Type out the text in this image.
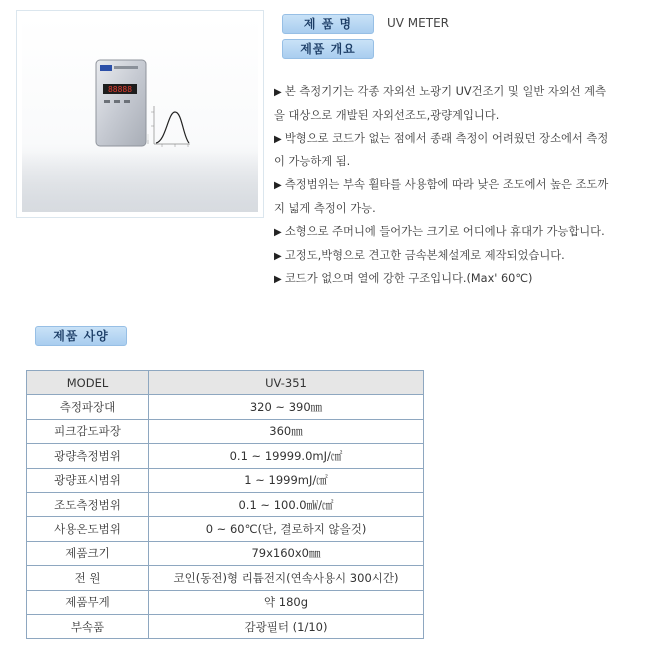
88888
제 품 명	UV METER
제품 개요
▶ 본 측정기기는 각종 자외선 노광기 UV건조기 및 일반 자외선 계측을 대상으로 개발된 자외선조도,광량계입니다.
▶ 박형으로 코드가 없는 점에서 종래 측정이 어려웠던 장소에서 측정이 가능하게 됨.
▶ 측정범위는 부속 휠타를 사용함에 따라 낮은 조도에서 높은 조도까지 넓게 측정이 가능.
▶ 소형으로 주머니에 들어가는 크기로 어디에나 휴대가 가능합니다.
▶ 고정도,박형으로 견고한 금속본체설계로 제작되었습니다.
▶ 코드가 없으며 열에 강한 구조입니다.(Max' 60℃)
제품 사양
MODEL	UV-351
측정파장대	320 ~ 390㎚
피크감도파장	360㎚
광량측정범위	0.1 ~ 19999.0mJ/㎠
광량표시범위	1 ~ 1999mJ/㎠
조도측정범위	0.1 ~ 100.0㎽/㎠
사용온도범위	0 ~ 60℃(단, 결로하지 않을것)
제품크기	79x160x0㎜
전 원	코인(동전)형 리튬전지(연속사용시 300시간)
제품무게	약 180g
부속품	감광필터 (1/10)
